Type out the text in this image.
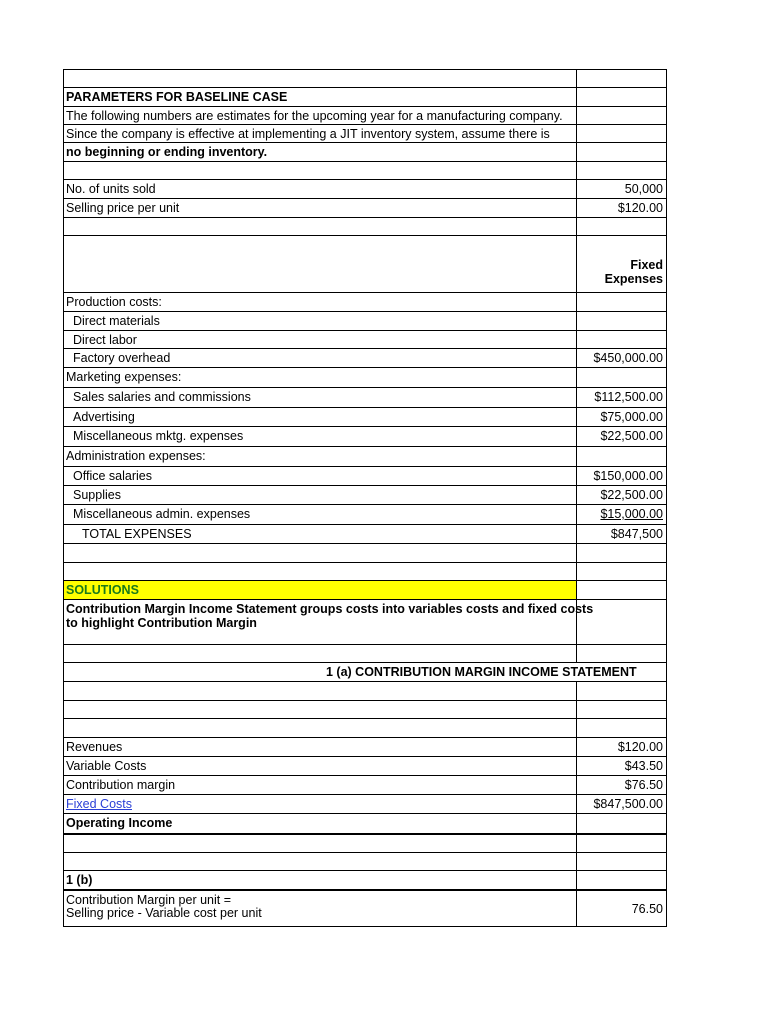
PARAMETERS FOR BASELINE CASE
The following numbers are estimates for the upcoming year for a manufacturing company.
Since the company is effective at implementing a JIT inventory system, assume there is
no beginning or ending inventory.
No. of units sold	50,000
Selling price per unit	$120.00
Fixed
Expenses
Production costs:
Direct materials
Direct labor
Factory overhead	$450,000.00
Marketing expenses:
Sales salaries and commissions	$112,500.00
Advertising	$75,000.00
Miscellaneous mktg. expenses	$22,500.00
Administration expenses:
Office salaries	$150,000.00
Supplies	$22,500.00
Miscellaneous admin. expenses	$15,000.00
TOTAL EXPENSES	$847,500
SOLUTIONS
Contribution Margin Income Statement groups costs into variables costs and fixed costs
to highlight Contribution Margin
1 (a) CONTRIBUTION MARGIN INCOME STATEMENT
Revenues	$120.00
Variable Costs	$43.50
Contribution margin	$76.50
Fixed Costs	$847,500.00
Operating Income
1 (b)
Contribution Margin per unit =
Selling price - Variable cost per unit	76.50
